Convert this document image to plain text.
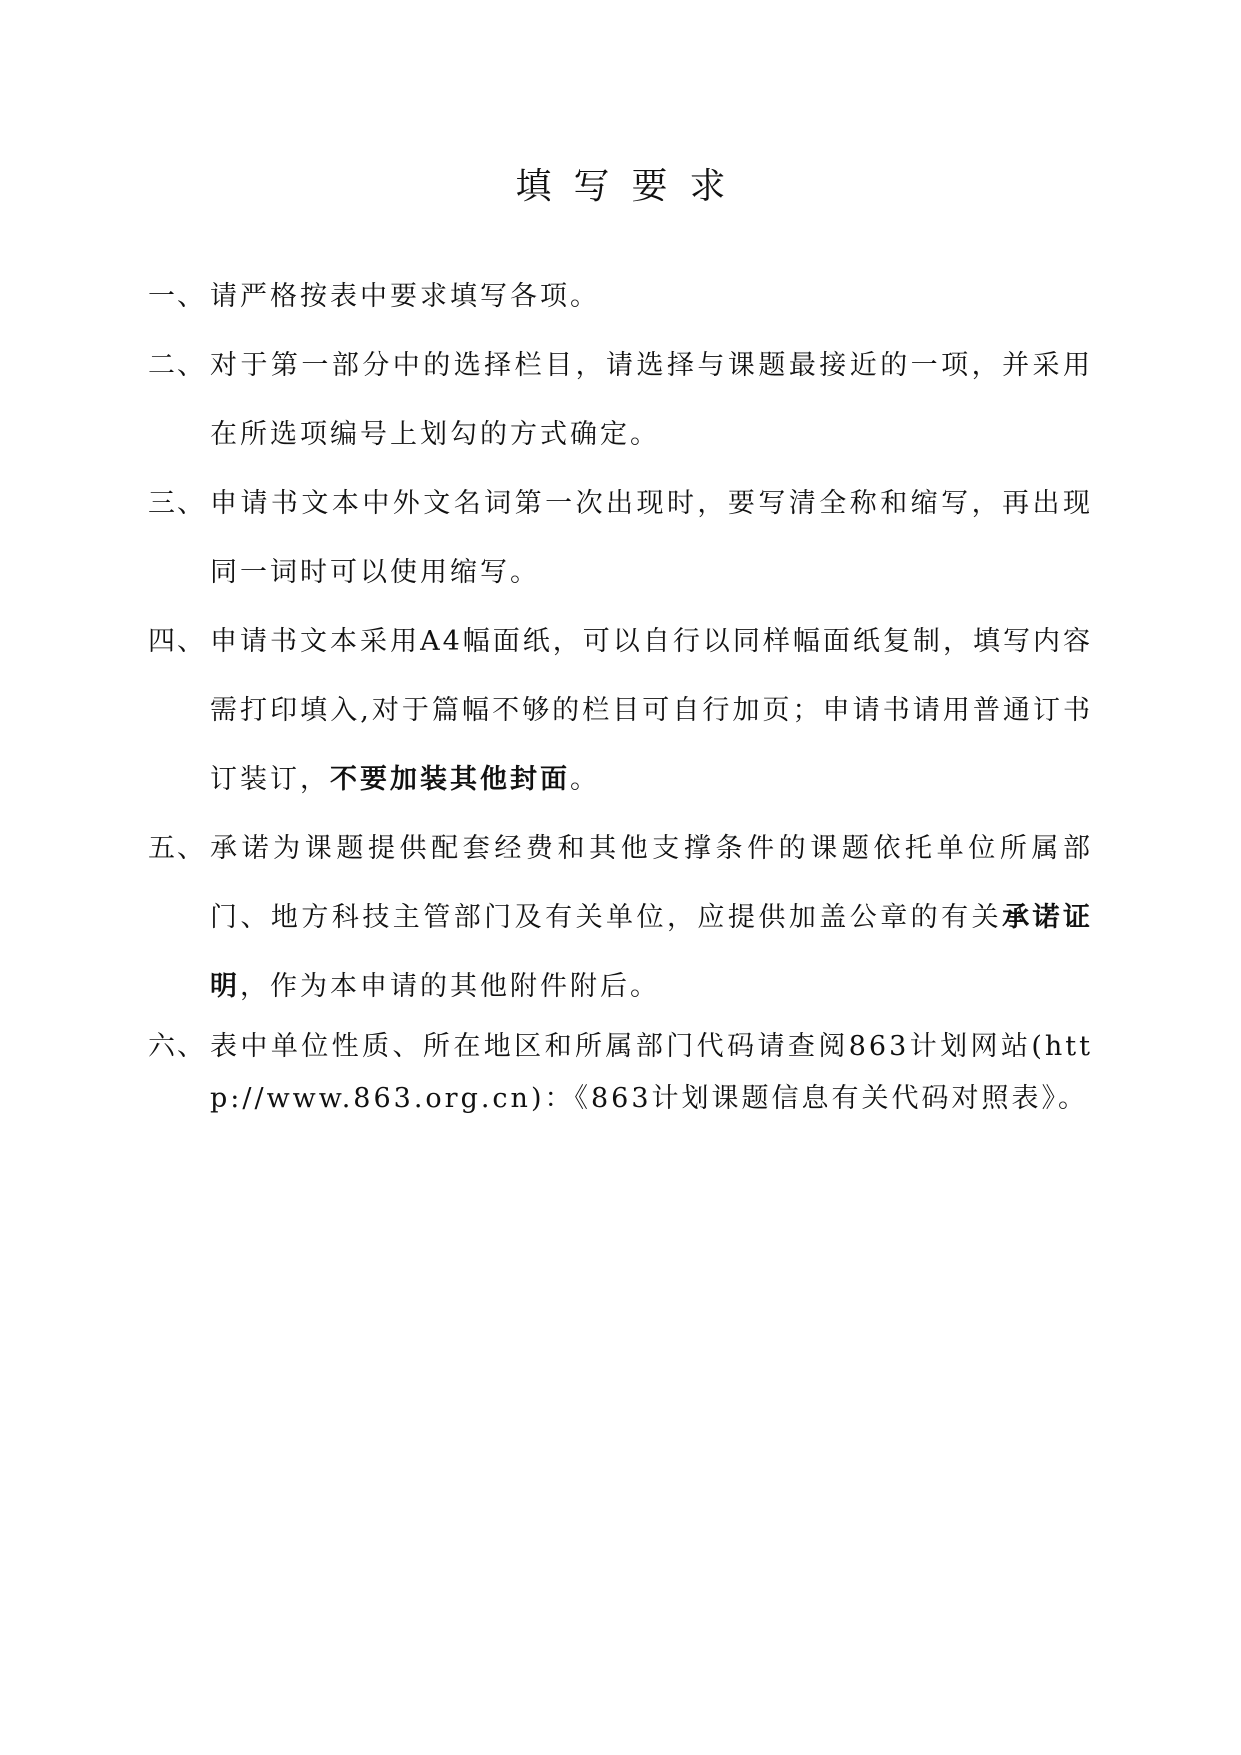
填写要求
一、 请严格按表中要求填写各项。
二、 对于第一部分中的选择栏目，请选择与课题最接近的一项，并采用在所选项编号上划勾的方式确定。
三、 申请书文本中外文名词第一次出现时，要写清全称和缩写，再出现同一词时可以使用缩写。
四、 申请书文本采用A4幅面纸，可以自行以同样幅面纸复制，填写内容需打印填入,对于篇幅不够的栏目可自行加页；申请书请用普通订书订装订，不要加装其他封面。
五、 承诺为课题提供配套经费和其他支撑条件的课题依托单位所属部门、地方科技主管部门及有关单位，应提供加盖公章的有关承诺证明，作为本申请的其他附件附后。
六、 表中单位性质、所在地区和所属部门代码请查阅863计划网站(http://www.863.org.cn)：《863计划课题信息有关代码对照表》。
